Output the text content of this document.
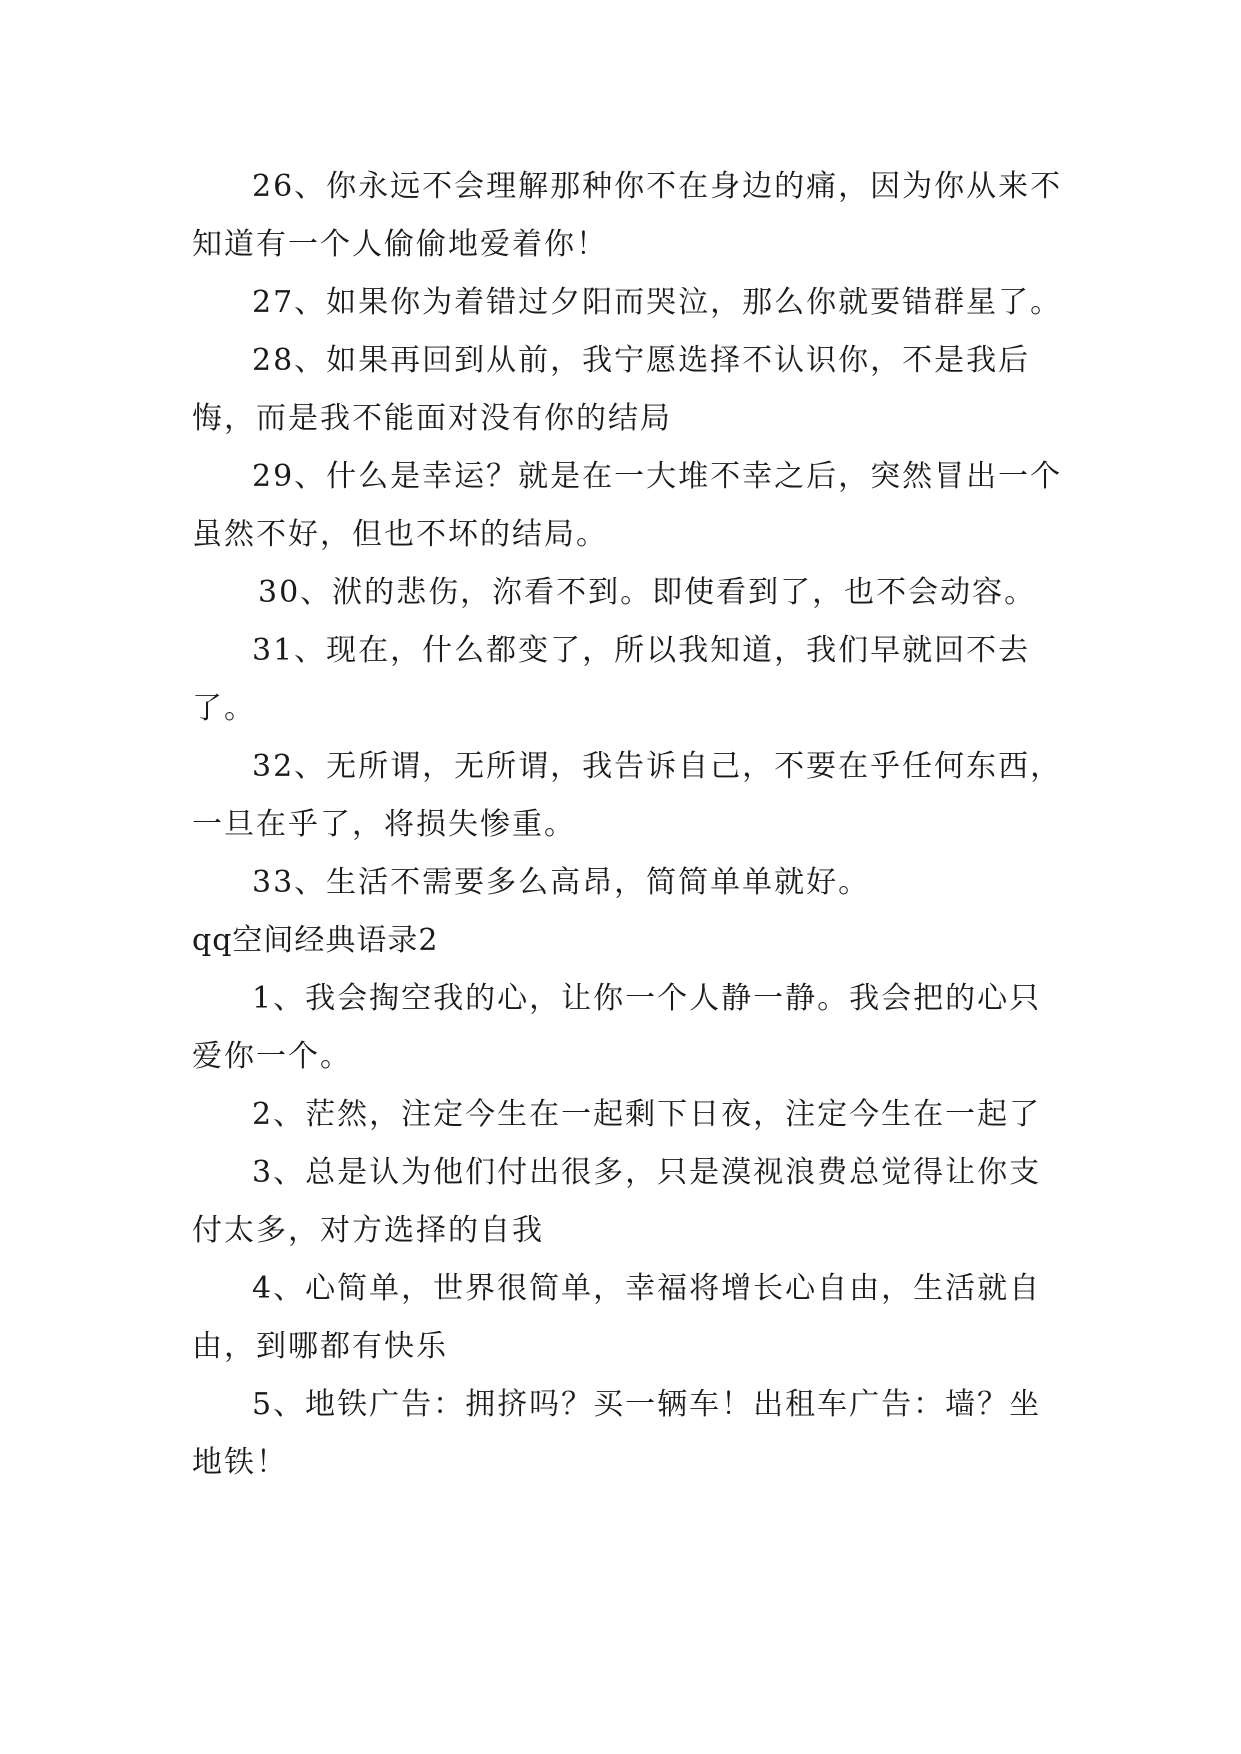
26、你永远不会理解那种你不在身边的痛，因为你从来不知道有一个人偷偷地爱着你！

27、如果你为着错过夕阳而哭泣，那么你就要错群星了。

28、如果再回到从前，我宁愿选择不认识你，不是我后悔，而是我不能面对没有你的结局

29、什么是幸运？就是在一大堆不幸之后，突然冒出一个虽然不好，但也不坏的结局。

30、洑的悲伤，沵看不到。即使看到了，也不会动容。

31、现在，什么都变了，所以我知道，我们早就回不去了。

32、无所谓，无所谓，我告诉自己，不要在乎任何东西，一旦在乎了，将损失惨重。

33、生活不需要多么高昂，简简单单就好。

qq空间经典语录2

1、我会掏空我的心，让你一个人静一静。我会把的心只爱你一个。

2、茫然，注定今生在一起剩下日夜，注定今生在一起了

3、总是认为他们付出很多，只是漠视浪费总觉得让你支付太多，对方选择的自我

4、心简单，世界很简单，幸福将增长心自由，生活就自由，到哪都有快乐

5、地铁广告：拥挤吗？买一辆车！出租车广告：墙？坐地铁！
